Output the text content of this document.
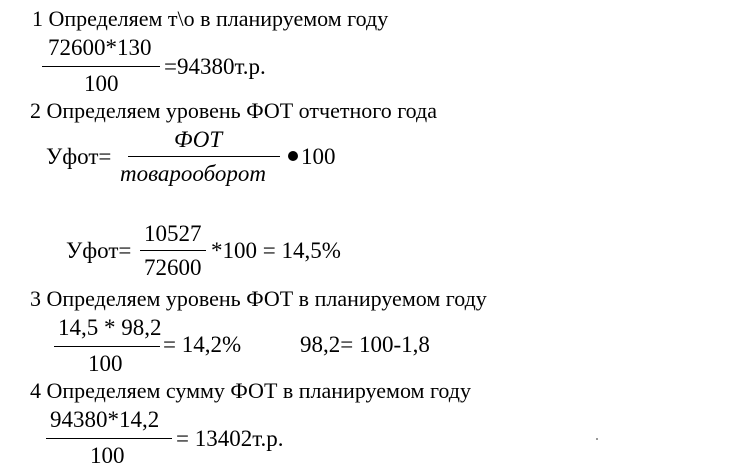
1 Определяем т\о в планируемом году
72600*130
100
=94380т.р.
2 Определяем уровень ФОТ отчетного года
Уфот=
ФОТ
товарооборот
100
Уфот=
10527
72600
*100 = 14,5%
3 Определяем уровень ФОТ в планируемом году
14,5 * 98,2
100
= 14,2%	98,2= 100-1,8
4 Определяем сумму ФОТ в планируемом году
94380*14,2
100
= 13402т.р.
